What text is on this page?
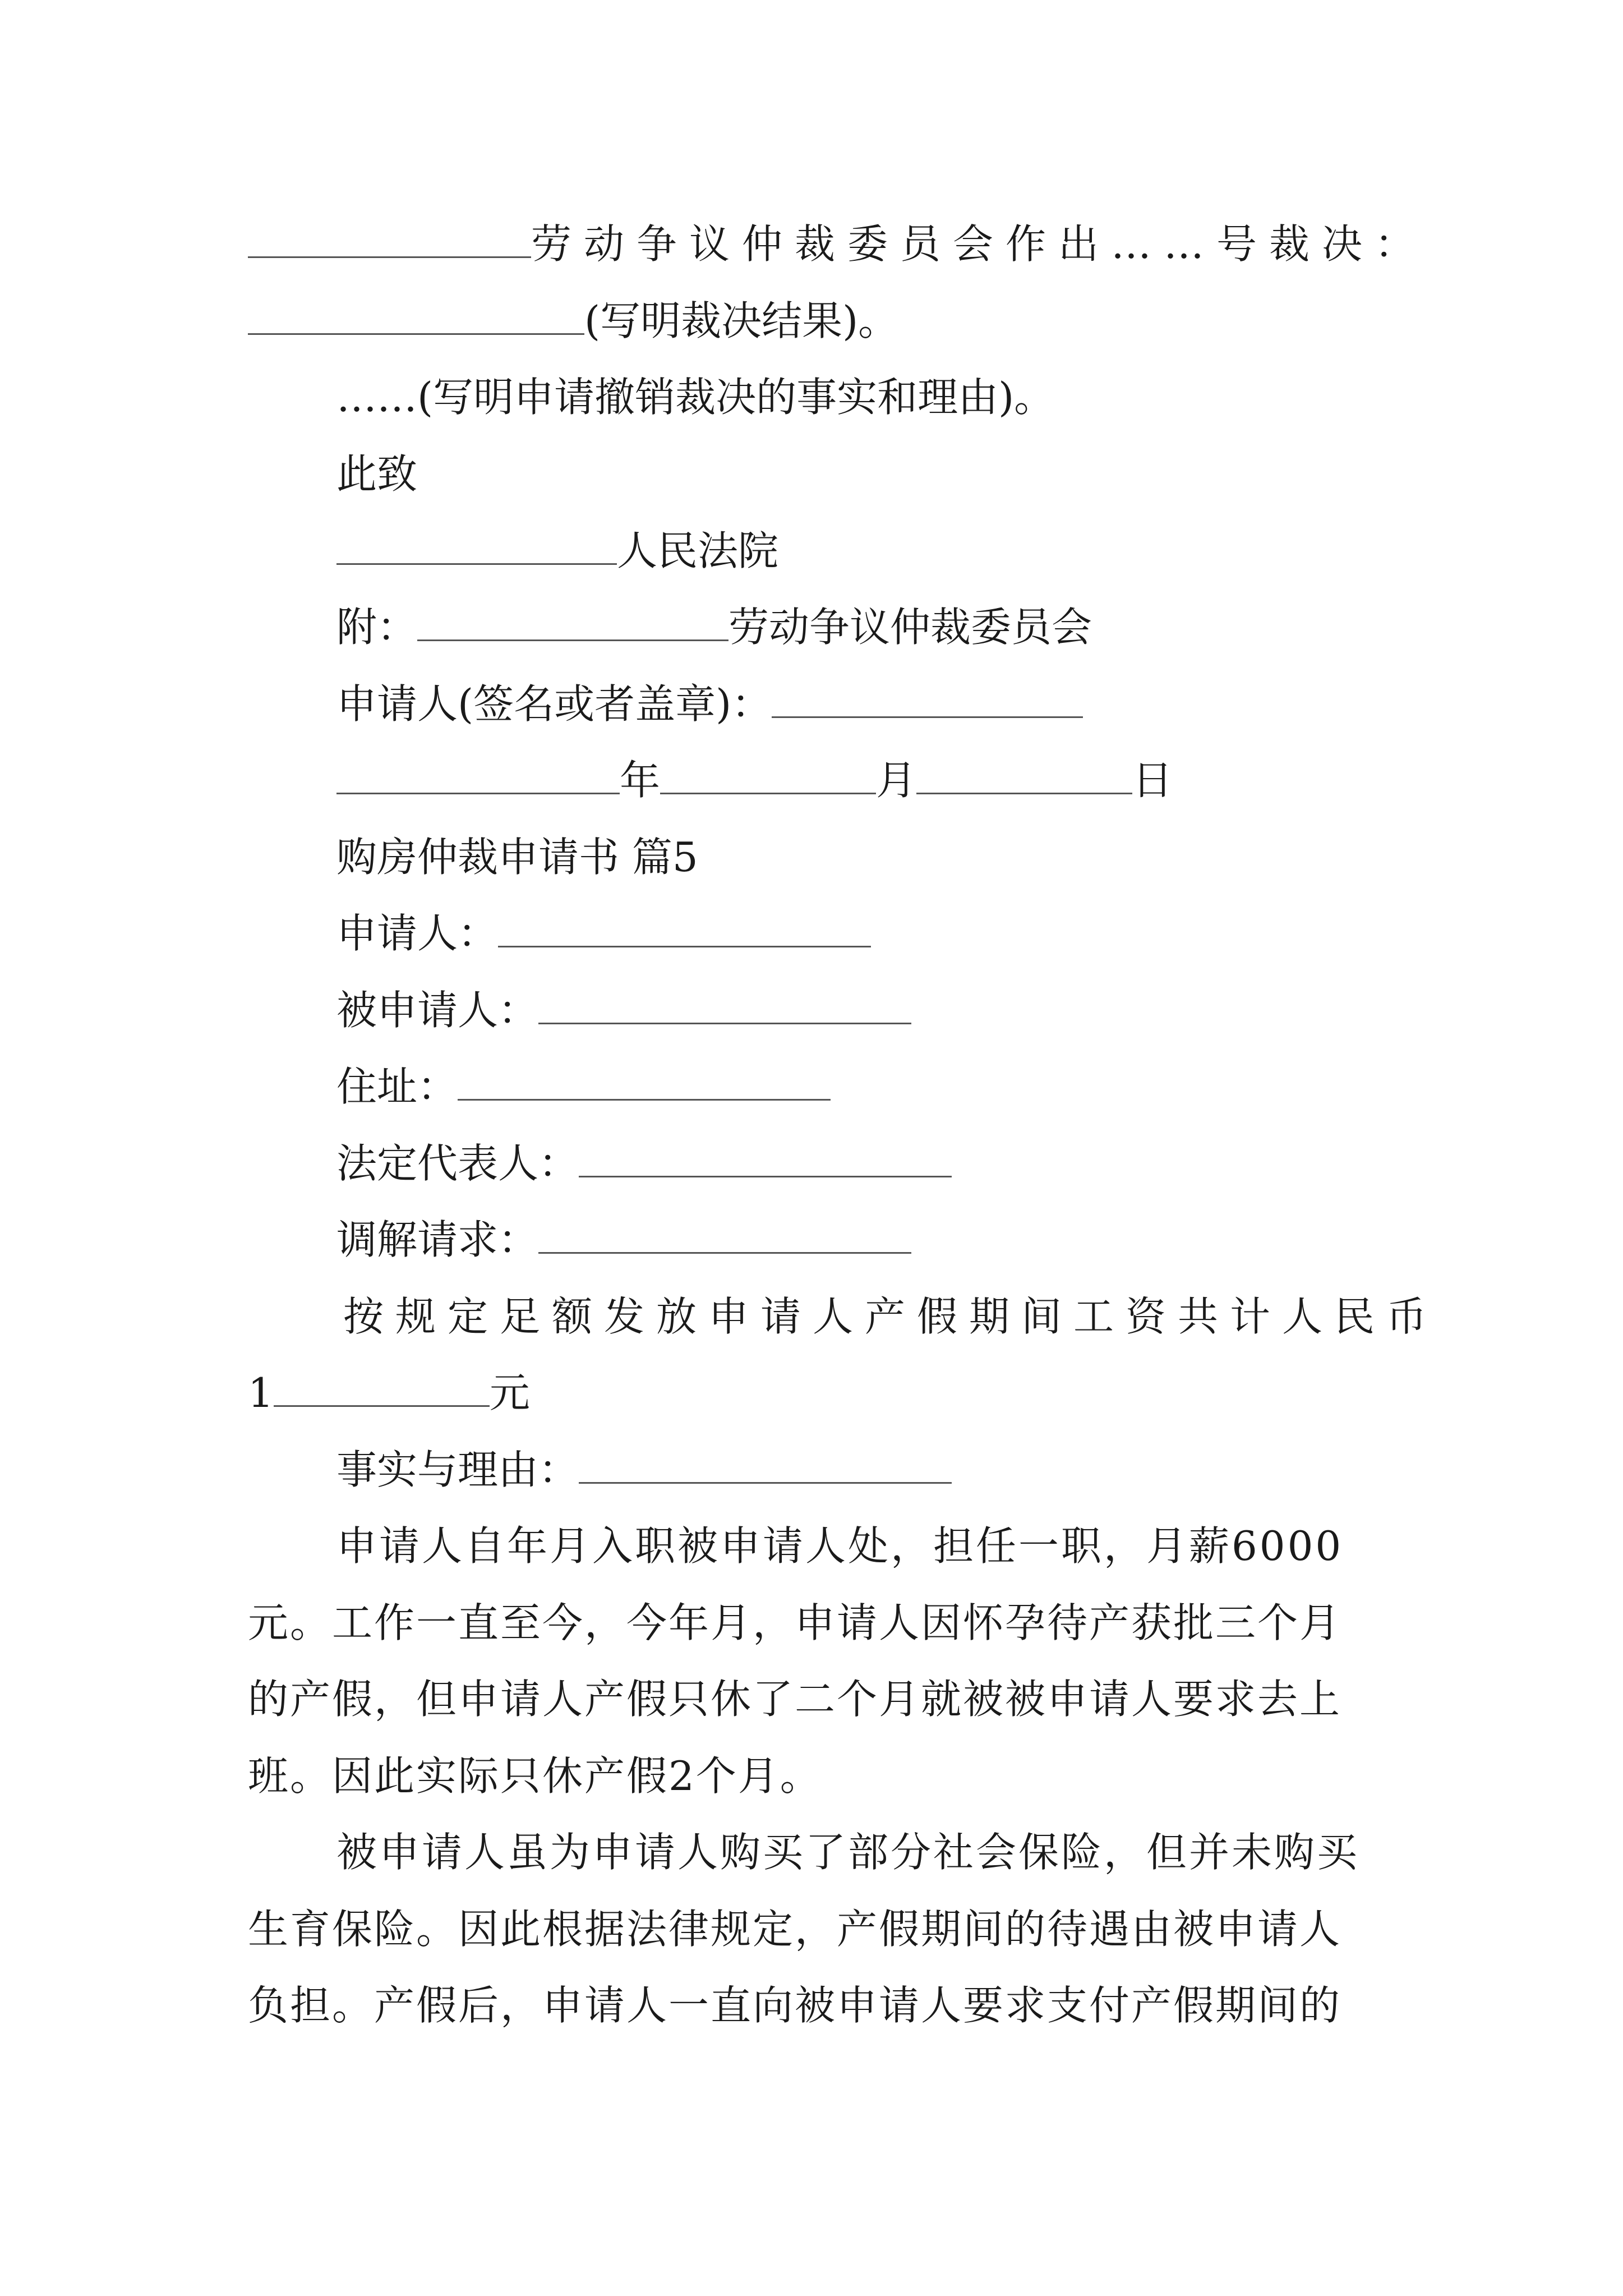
劳动争议仲裁委员会作出……号裁决：
(写明裁决结果)。
……(写明申请撤销裁决的事实和理由)。
此致
人民法院
附：	劳动争议仲裁委员会
申请人(签名或者盖章)：
年	月	日
购房仲裁申请书 篇5
申请人：
被申请人：
住址：
法定代表人：
调解请求：
按规定足额发放申请人产假期间工资共计人民币
1	元
事实与理由：
申请人自年月入职被申请人处，担任一职，月薪6000
元。工作一直至今，今年月，申请人因怀孕待产获批三个月
的产假，但申请人产假只休了二个月就被被申请人要求去上
班。因此实际只休产假2个月。
被申请人虽为申请人购买了部分社会保险，但并未购买
生育保险。因此根据法律规定，产假期间的待遇由被申请人
负担。产假后，申请人一直向被申请人要求支付产假期间的
